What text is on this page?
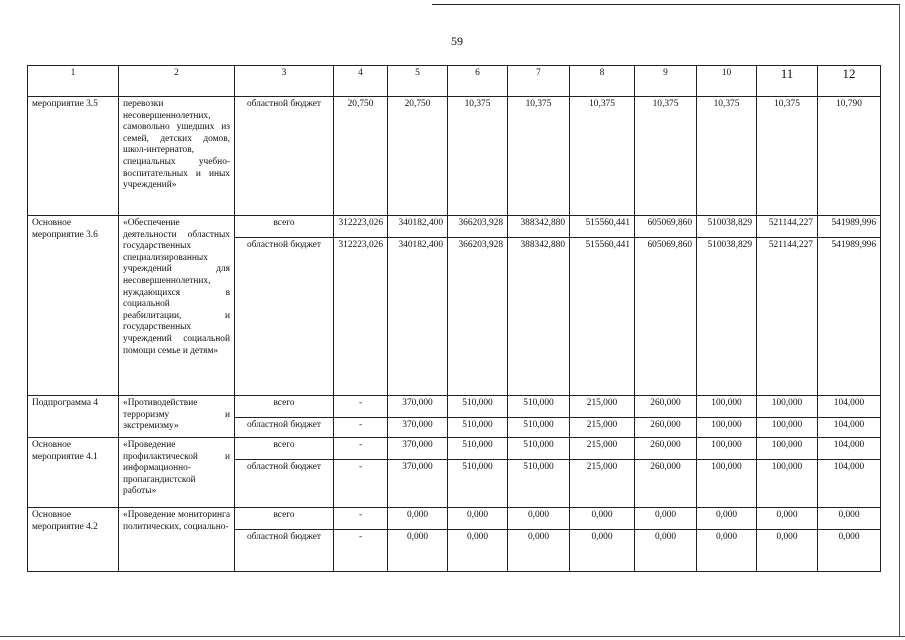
59
1	2	3	4	5	6	7	8	9	10	11	12
мероприятие 3.5	перевозки несовершеннолетних, самовольно ушедших из семей, детских домов, школ-интернатов, специальных учебно-воспитательных и иных учреждений»	областной бюджет	20,750	20,750	10,375	10,375	10,375	10,375	10,375	10,375	10,790
Основное мероприятие 3.6	«Обеспечение деятельности областных государственных специализированных учреждений для несовершеннолетних, нуждающихся в социальной реабилитации, и государственных учреждений социальной помощи семье и детям»	всего	312223,026	340182,400	366203,928	388342,880	515560,441	605069,860	510038,829	521144,227	541989,996
		областной бюджет	312223,026	340182,400	366203,928	388342,880	515560,441	605069,860	510038,829	521144,227	541989,996
Подпрограмма 4	«Противодействие терроризму и экстремизму»	всего	-	370,000	510,000	510,000	215,000	260,000	100,000	100,000	104,000
		областной бюджет	-	370,000	510,000	510,000	215,000	260,000	100,000	100,000	104,000
Основное мероприятие 4.1	«Проведение профилактической и информационно-пропагандистской работы»	всего	-	370,000	510,000	510,000	215,000	260,000	100,000	100,000	104,000
		областной бюджет	-	370,000	510,000	510,000	215,000	260,000	100,000	100,000	104,000
Основное мероприятие 4.2	«Проведение мониторинга политических, социально-	всего	-	0,000	0,000	0,000	0,000	0,000	0,000	0,000	0,000
		областной бюджет	-	0,000	0,000	0,000	0,000	0,000	0,000	0,000	0,000
